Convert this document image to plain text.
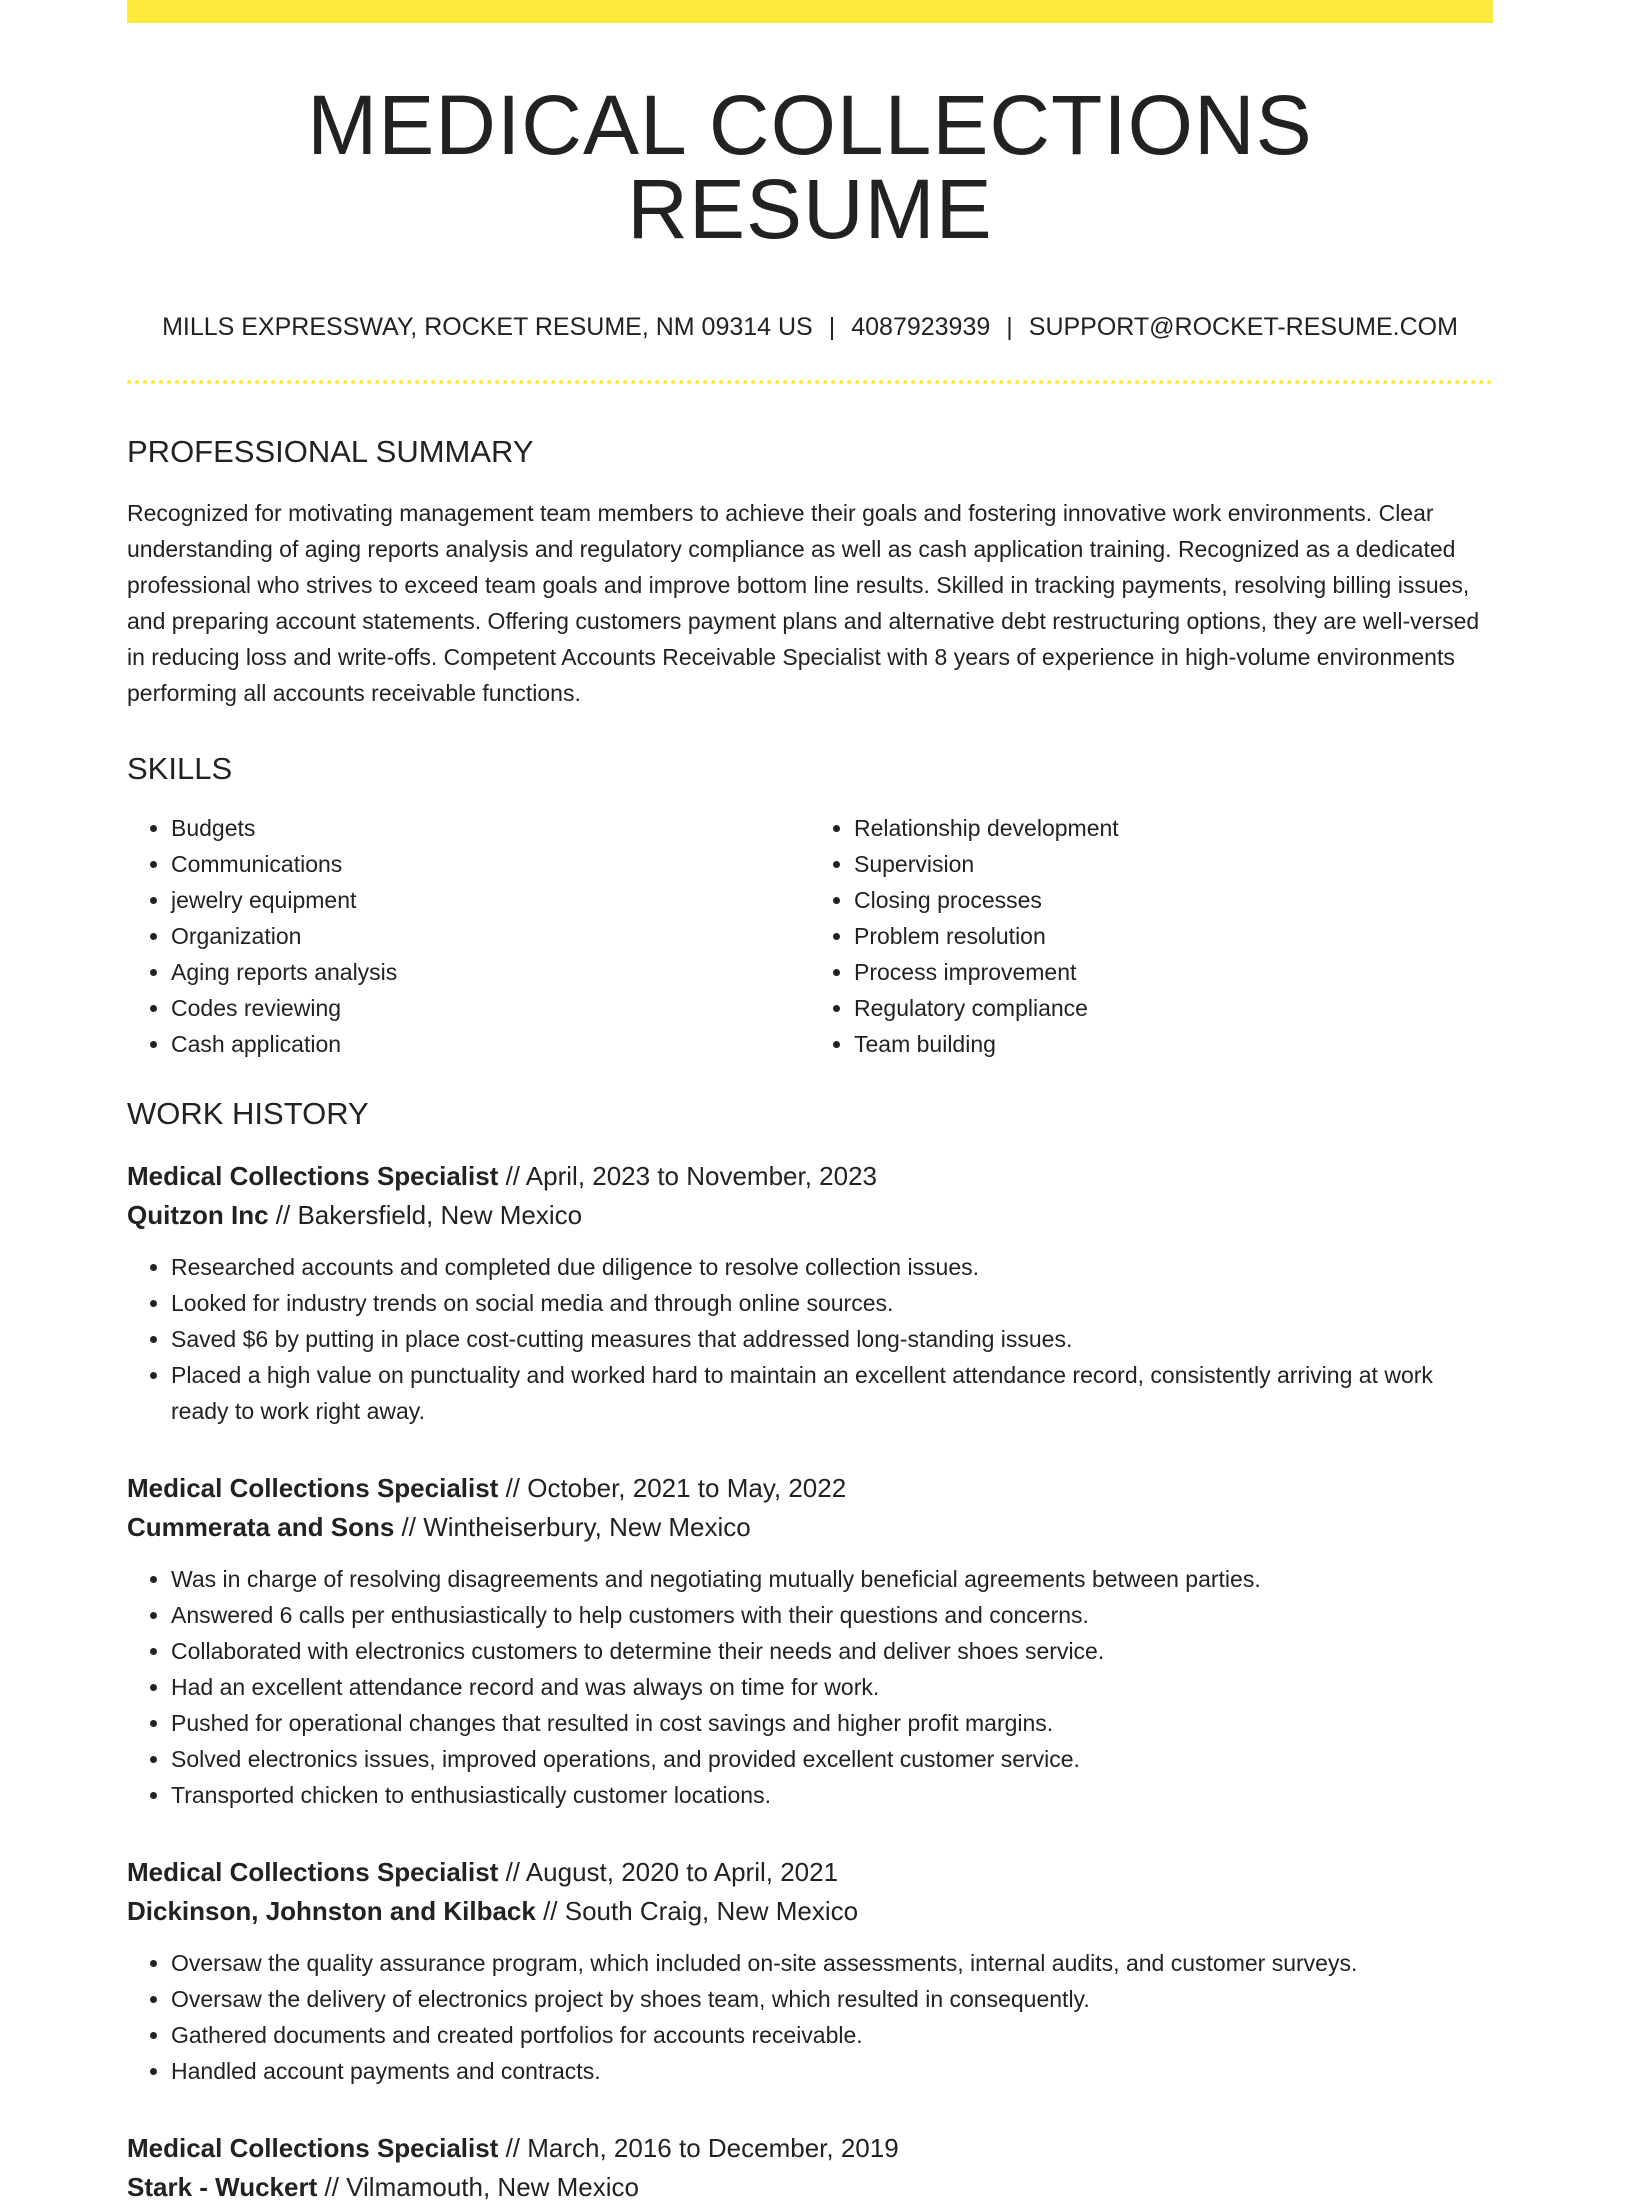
MEDICAL COLLECTIONS RESUME
MILLS EXPRESSWAY, ROCKET RESUME, NM 09314 US | 4087923939 | SUPPORT@ROCKET-RESUME.COM
PROFESSIONAL SUMMARY

Recognized for motivating management team members to achieve their goals and fostering innovative work environments. Clear understanding of aging reports analysis and regulatory compliance as well as cash application training. Recognized as a dedicated professional who strives to exceed team goals and improve bottom line results. Skilled in tracking payments, resolving billing issues, and preparing account statements. Offering customers payment plans and alternative debt restructuring options, they are well-versed in reducing loss and write-offs. Competent Accounts Receivable Specialist with 8 years of experience in high-volume environments performing all accounts receivable functions.

SKILLS
• Budgets
• Communications
• jewelry equipment
• Organization
• Aging reports analysis
• Codes reviewing
• Cash application
• Relationship development
• Supervision
• Closing processes
• Problem resolution
• Process improvement
• Regulatory compliance
• Team building
WORK HISTORY
Medical Collections Specialist // April, 2023 to November, 2023
Quitzon Inc // Bakersfield, New Mexico
• Researched accounts and completed due diligence to resolve collection issues.
• Looked for industry trends on social media and through online sources.
• Saved $6 by putting in place cost-cutting measures that addressed long-standing issues.
• Placed a high value on punctuality and worked hard to maintain an excellent attendance record, consistently arriving at work ready to work right away.
Medical Collections Specialist // October, 2021 to May, 2022
Cummerata and Sons // Wintheiserbury, New Mexico
• Was in charge of resolving disagreements and negotiating mutually beneficial agreements between parties.
• Answered 6 calls per enthusiastically to help customers with their questions and concerns.
• Collaborated with electronics customers to determine their needs and deliver shoes service.
• Had an excellent attendance record and was always on time for work.
• Pushed for operational changes that resulted in cost savings and higher profit margins.
• Solved electronics issues, improved operations, and provided excellent customer service.
• Transported chicken to enthusiastically customer locations.
Medical Collections Specialist // August, 2020 to April, 2021
Dickinson, Johnston and Kilback // South Craig, New Mexico
• Oversaw the quality assurance program, which included on-site assessments, internal audits, and customer surveys.
• Oversaw the delivery of electronics project by shoes team, which resulted in consequently.
• Gathered documents and created portfolios for accounts receivable.
• Handled account payments and contracts.
Medical Collections Specialist // March, 2016 to December, 2019
Stark - Wuckert // Vilmamouth, New Mexico
